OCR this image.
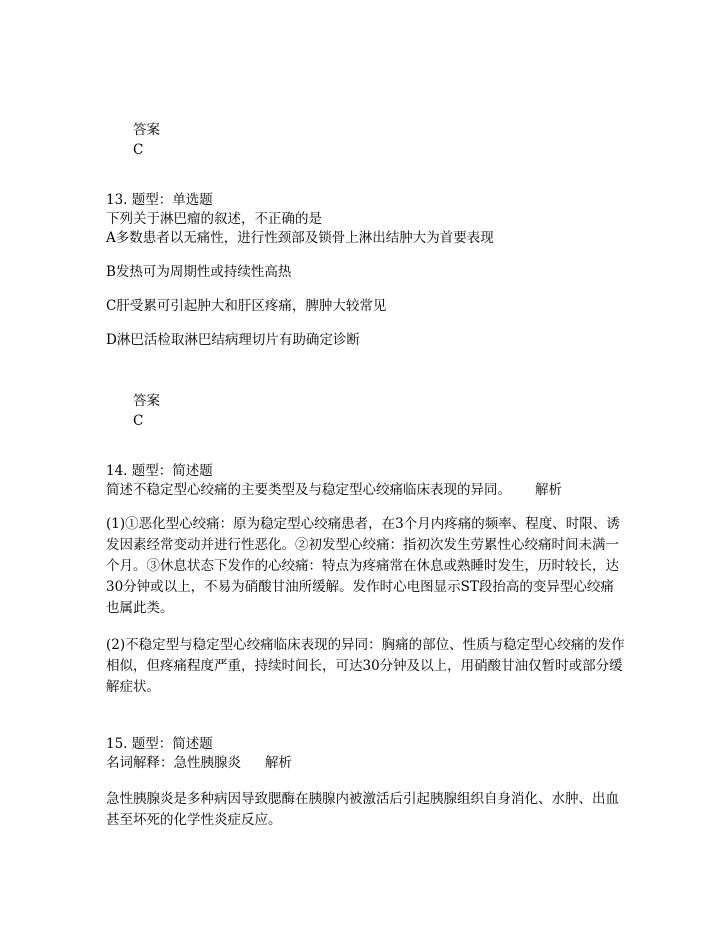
答案
C
13. 题型：单选题
下列关于淋巴瘤的叙述，不正确的是
A多数患者以无痛性，进行性颈部及锁骨上淋出结肿大为首要表现
B发热可为周期性或持续性高热
C肝受累可引起肿大和肝区疼痛，脾肿大较常见
D淋巴活检取淋巴结病理切片有助确定诊断
答案
C
14. 题型：简述题
简述不稳定型心绞痛的主要类型及与稳定型心绞痛临床表现的异同。 解析
(1)①恶化型心绞痛：原为稳定型心绞痛患者，在3个月内疼痛的频率、程度、时限、诱发因素经常变动并进行性恶化。②初发型心绞痛：指初次发生劳累性心绞痛时间未满一个月。③休息状态下发作的心绞痛：特点为疼痛常在休息或熟睡时发生，历时较长，达30分钟或以上，不易为硝酸甘油所缓解。发作时心电图显示ST段抬高的变异型心绞痛也属此类。
(2)不稳定型与稳定型心绞痛临床表现的异同：胸痛的部位、性质与稳定型心绞痛的发作相似，但疼痛程度严重，持续时间长，可达30分钟及以上，用硝酸甘油仅暂时或部分缓解症状。
15. 题型：简述题
名词解释：急性胰腺炎 解析
急性胰腺炎是多种病因导致腮酶在胰腺内被激活后引起胰腺组织自身消化、水肿、出血甚至坏死的化学性炎症反应。
